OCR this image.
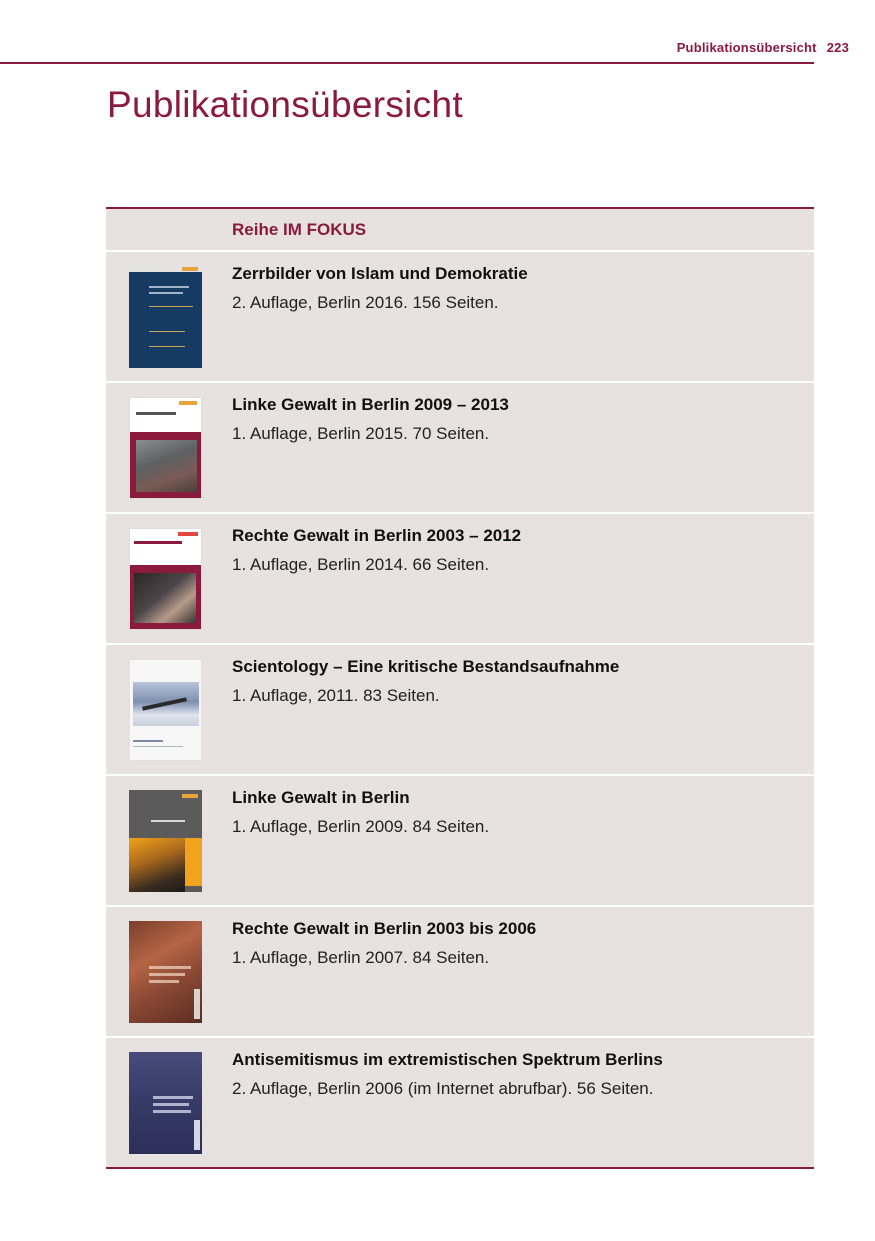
Publikationsübersicht 223
Publikationsübersicht
Reihe IM FOKUS
Zerrbilder von Islam und Demokratie
2. Auflage, Berlin 2016. 156 Seiten.
Linke Gewalt in Berlin 2009 – 2013
1. Auflage, Berlin 2015. 70 Seiten.
Rechte Gewalt in Berlin 2003 – 2012
1. Auflage, Berlin 2014. 66 Seiten.
Scientology – Eine kritische Bestandsaufnahme
1. Auflage, 2011. 83 Seiten.
Linke Gewalt in Berlin
1. Auflage, Berlin 2009. 84 Seiten.
Rechte Gewalt in Berlin 2003 bis 2006
1. Auflage, Berlin 2007. 84 Seiten.
Antisemitismus im extremistischen Spektrum Berlins
2. Auflage, Berlin 2006 (im Internet abrufbar). 56 Seiten.
